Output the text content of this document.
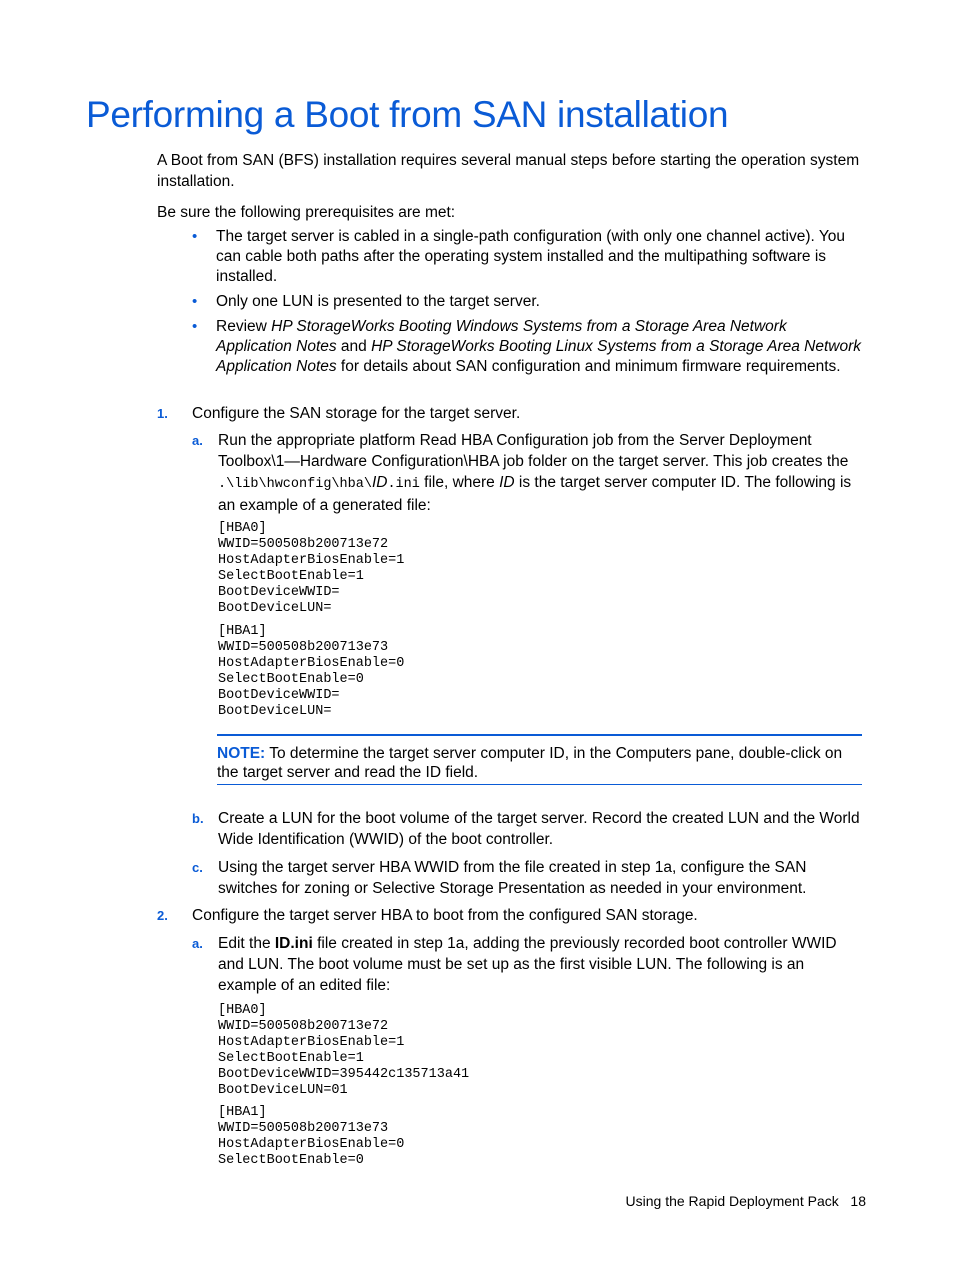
Performing a Boot from SAN installation
A Boot from SAN (BFS) installation requires several manual steps before starting the operation system installation.
Be sure the following prerequisites are met:
• The target server is cabled in a single-path configuration (with only one channel active). You can cable both paths after the operating system installed and the multipathing software is installed.
• Only one LUN is presented to the target server.
• Review HP StorageWorks Booting Windows Systems from a Storage Area Network Application Notes and HP StorageWorks Booting Linux Systems from a Storage Area Network Application Notes for details about SAN configuration and minimum firmware requirements.
1. Configure the SAN storage for the target server.
a. Run the appropriate platform Read HBA Configuration job from the Server Deployment Toolbox\1—Hardware Configuration\HBA job folder on the target server. This job creates the .\lib\hwconfig\hba\ID.ini file, where ID is the target server computer ID. The following is an example of a generated file:
[HBA0]
WWID=500508b200713e72
HostAdapterBiosEnable=1
SelectBootEnable=1
BootDeviceWWID=
BootDeviceLUN=
[HBA1]
WWID=500508b200713e73
HostAdapterBiosEnable=0
SelectBootEnable=0
BootDeviceWWID=
BootDeviceLUN=
NOTE: To determine the target server computer ID, in the Computers pane, double-click on the target server and read the ID field.
b. Create a LUN for the boot volume of the target server. Record the created LUN and the World Wide Identification (WWID) of the boot controller.
c. Using the target server HBA WWID from the file created in step 1a, configure the SAN switches for zoning or Selective Storage Presentation as needed in your environment.
2. Configure the target server HBA to boot from the configured SAN storage.
a. Edit the ID.ini file created in step 1a, adding the previously recorded boot controller WWID and LUN. The boot volume must be set up as the first visible LUN. The following is an example of an edited file:
[HBA0]
WWID=500508b200713e72
HostAdapterBiosEnable=1
SelectBootEnable=1
BootDeviceWWID=395442c135713a41
BootDeviceLUN=01
[HBA1]
WWID=500508b200713e73
HostAdapterBiosEnable=0
SelectBootEnable=0
Using the Rapid Deployment Pack 18
